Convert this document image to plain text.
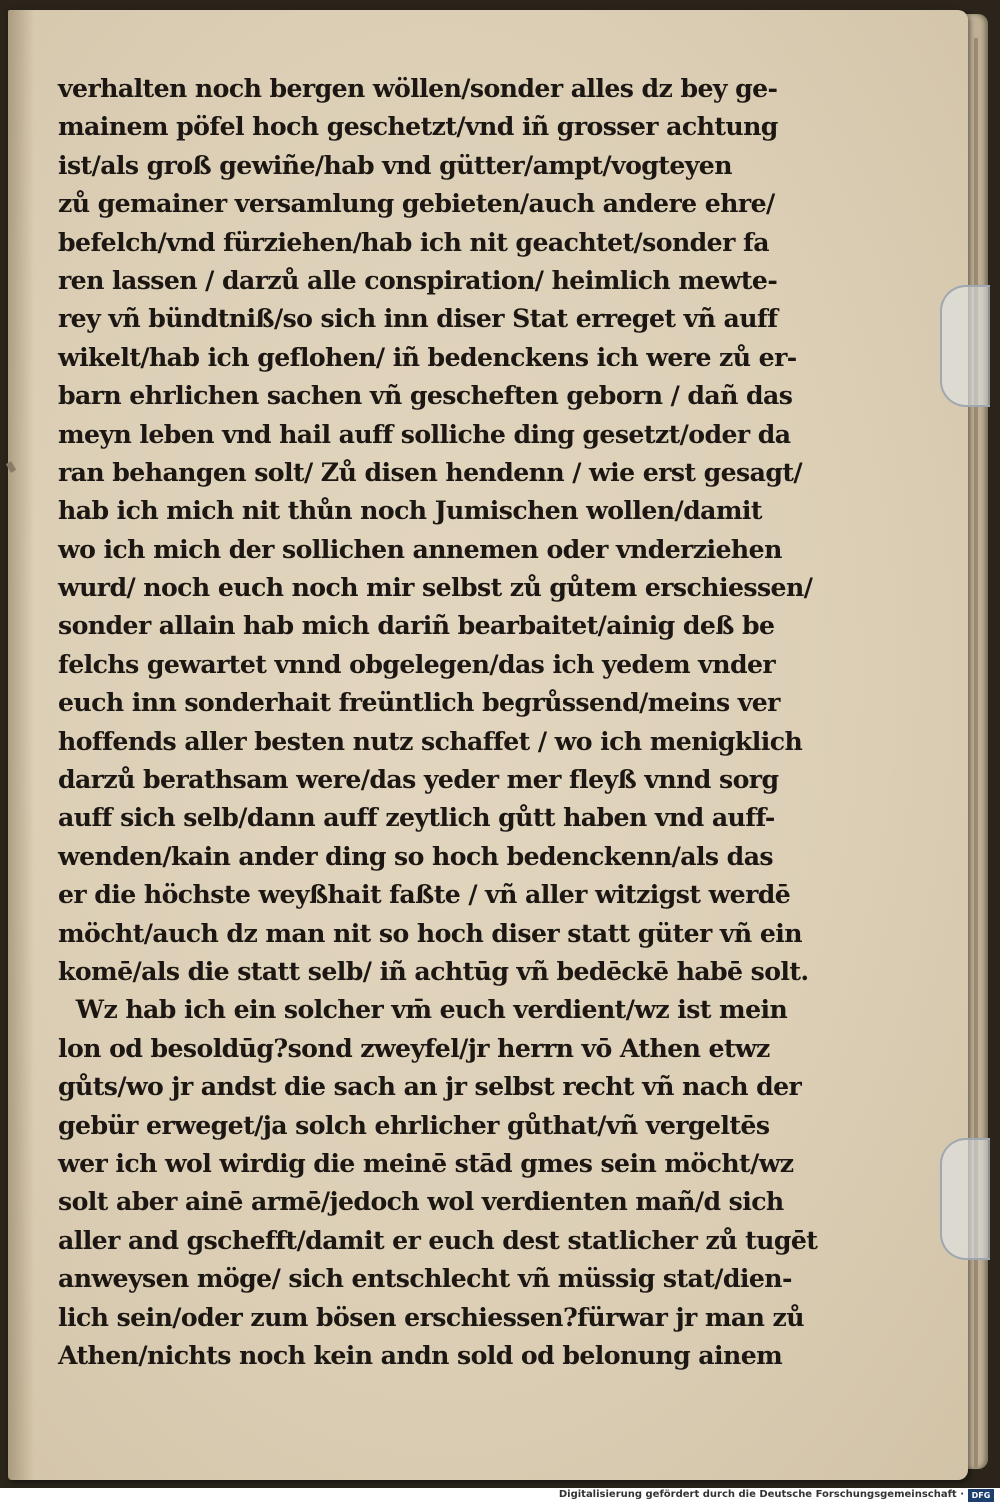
verhalten noch bergen wöllen/sonder alles dz bey ge-
mainem pöfel hoch geschetzt/vnd iñ grosser achtung
ist/als groß gewiñe/hab vnd gütter/ampt/vogteyen
zů gemainer versamlung gebieten/auch andere ehre/
befelch/vnd fürziehen/hab ich nit geachtet/sonder fa
ren lassen / darzů alle conspiration/ heimlich mewte-
rey vñ bündtniß/so sich inn diser Stat erreget vñ auff
wikelt/hab ich geflohen/ iñ bedenckens ich were zů er-
barn ehrlichen sachen vñ gescheften geborn / dañ das
meyn leben vnd hail auff solliche ding gesetzt/oder da
ran behangen solt/ Zů disen hendenn / wie erst gesagt/
hab ich mich nit thůn noch Jumischen wollen/damit
wo ich mich der sollichen annemen oder vnderziehen
wurd/ noch euch noch mir selbst zů gůtem erschiessen/
sonder allain hab mich dariñ bearbaitet/ainig deß be
felchs gewartet vnnd obgelegen/das ich yedem vnder
euch inn sonderhait freüntlich begrůssend/meins ver
hoffends aller besten nutz schaffet / wo ich menigklich
darzů berathsam were/das yeder mer fleyß vnnd sorg
auff sich selb/dann auff zeytlich gůtt haben vnd auff-
wenden/kain ander ding so hoch bedenckenn/als das
er die höchste weyßhait faßte / vñ aller witzigst werdē
möcht/auch dz man nit so hoch diser statt güter vñ ein
komē/als die statt selb/ iñ achtūg vñ bedēckē habē solt.
Wz hab ich ein solcher vm̄ euch verdient/wz ist mein
lon od besoldūg?sond zweyfel/jr herrn vō Athen etwz
gůts/wo jr andst die sach an jr selbst recht vñ nach der
gebür erweget/ja solch ehrlicher gůthat/vñ vergeltēs
wer ich wol wirdig die meinē stād gmes sein möcht/wz
solt aber ainē armē/jedoch wol verdienten mañ/d sich
aller and gschefft/damit er euch dest statlicher zů tugēt
anweysen möge/ sich entschlecht vñ müssig stat/dien-
lich sein/oder zum bösen erschiessen?fürwar jr man zů
Athen/nichts noch kein andn sold od belonung ainem
Digitalisierung gefördert durch die Deutsche Forschungsgemeinschaft · DFG
